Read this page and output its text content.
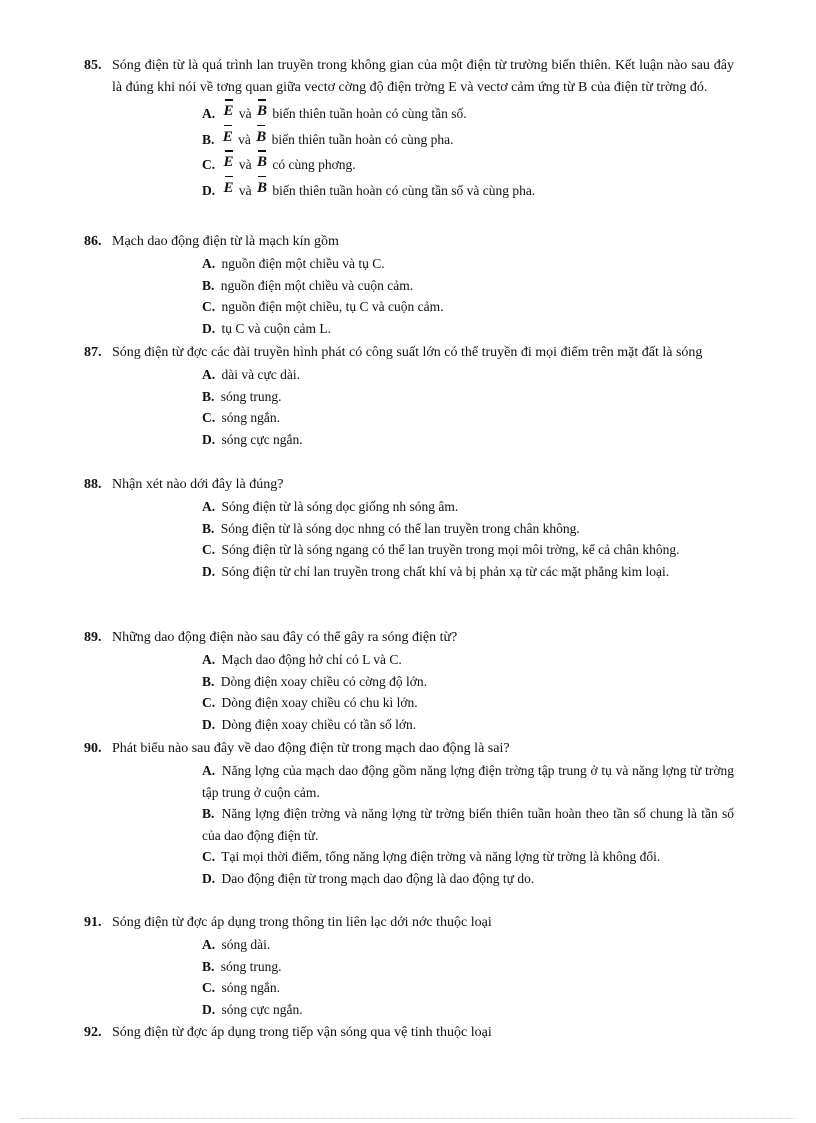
85. Sóng điện từ là quá trình lan truyền trong không gian của một điện từ trường biến thiên. Kết luận nào sau đây là đúng khi nói về tơng quan giữa vectơ cờng độ điện trờng E và vectơ cảm ứng từ B của điện từ trờng đó.
A. E và B biến thiên tuần hoàn có cùng tần số.
B. E và B biến thiên tuần hoàn có cùng pha.
C. E và B có cùng phơng.
D. E và B biến thiên tuần hoàn có cùng tần số và cùng pha.
86. Mạch dao động điện từ là mạch kín gồm
A. nguồn điện một chiều và tụ C.
B. nguồn điện một chiều và cuộn cảm.
C. nguồn điện một chiều, tụ C và cuộn cảm.
D. tụ C và cuộn cảm L.
87. Sóng điện từ đợc các đài truyền hình phát có công suất lớn có thể truyền đi mọi điểm trên mặt đất là sóng
A. dài và cực dài.
B. sóng trung.
C. sóng ngắn.
D. sóng cực ngắn.
88. Nhận xét nào dới đây là đúng?
A. Sóng điện từ là sóng dọc giống nh sóng âm.
B. Sóng điện từ là sóng dọc nhng có thể lan truyền trong chân không.
C. Sóng điện từ là sóng ngang có thể lan truyền trong mọi môi trờng, kể cả chân không.
D. Sóng điện từ chỉ lan truyền trong chất khí và bị phản xạ từ các mặt phẳng kim loại.
89. Những dao động điện nào sau đây có thể gây ra sóng điện từ?
A. Mạch dao động hở chỉ có L và C.
B. Dòng điện xoay chiều có cờng độ lớn.
C. Dòng điện xoay chiều có chu kì lớn.
D. Dòng điện xoay chiều có tần số lớn.
90. Phát biểu nào sau đây về dao động điện từ trong mạch dao động là sai?
A. Năng lợng của mạch dao động gồm năng lợng điện trờng tập trung ở tụ và năng lợng từ trờng tập trung ở cuộn cảm.
B. Năng lợng điện trờng và năng lợng từ trờng biến thiên tuần hoàn theo tần số chung là tần số của dao động điện từ.
C. Tại mọi thời điểm, tổng năng lợng điện trờng và năng lợng từ trờng là không đổi.
D. Dao động điện từ trong mạch dao động là dao động tự do.
91. Sóng điện từ đợc áp dụng trong thông tin liên lạc dới nớc thuộc loại
A. sóng dài.
B. sóng trung.
C. sóng ngắn.
D. sóng cực ngắn.
92. Sóng điện từ đợc áp dụng trong tiếp vận sóng qua vệ tinh thuộc loại
